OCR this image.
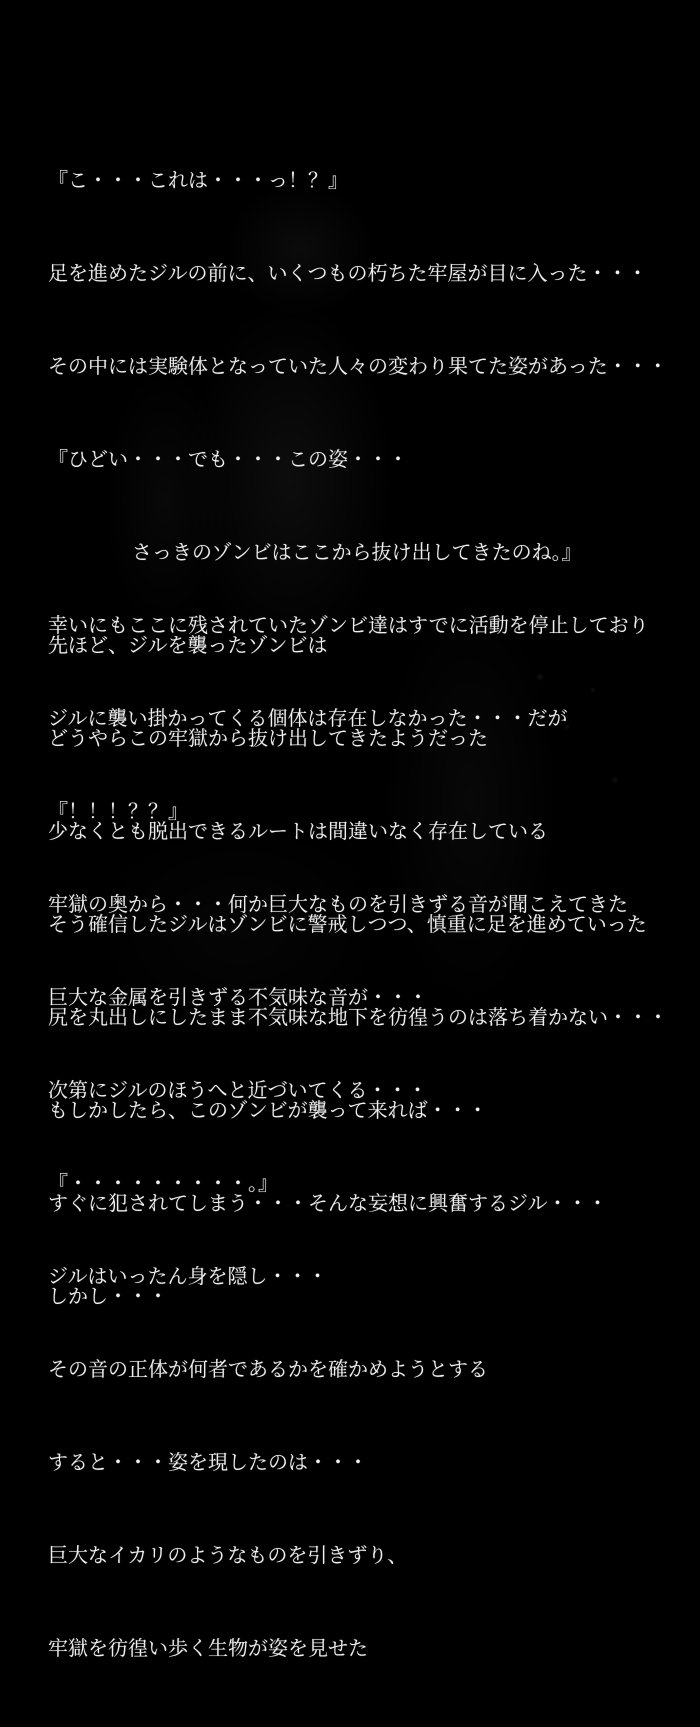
『こ・・・これは・・・っ！？』

足を進めたジルの前に、いくつもの朽ちた牢屋が目に入った・・・

その中には実験体となっていた人々の変わり果てた姿があった・・・

『ひどい・・・でも・・・この姿・・・

さっきのゾンビはここから抜け出してきたのね。』

先ほど、ジルを襲ったゾンビは

どうやらこの牢獄から抜け出してきたようだった

少なくとも脱出できるルートは間違いなく存在している

そう確信したジルはゾンビに警戒しつつ、慎重に足を進めていった

尻を丸出しにしたまま不気味な地下を彷徨うのは落ち着かない・・・

もしかしたら、このゾンビが襲って来れば・・・

すぐに犯されてしまう・・・そんな妄想に興奮するジル・・・

しかし・・・

幸いにもここに残されていたゾンビ達はすでに活動を停止しており

ジルに襲い掛かってくる個体は存在しなかった・・・だが

『！！！？？』

牢獄の奥から・・・何か巨大なものを引きずる音が聞こえてきた

巨大な金属を引きずる不気味な音が・・・

次第にジルのほうへと近づいてくる・・・

『・・・・・・・・・。』

ジルはいったん身を隠し・・・

その音の正体が何者であるかを確かめようとする

すると・・・姿を現したのは・・・

巨大なイカリのようなものを引きずり、

牢獄を彷徨い歩く生物が姿を見せた
